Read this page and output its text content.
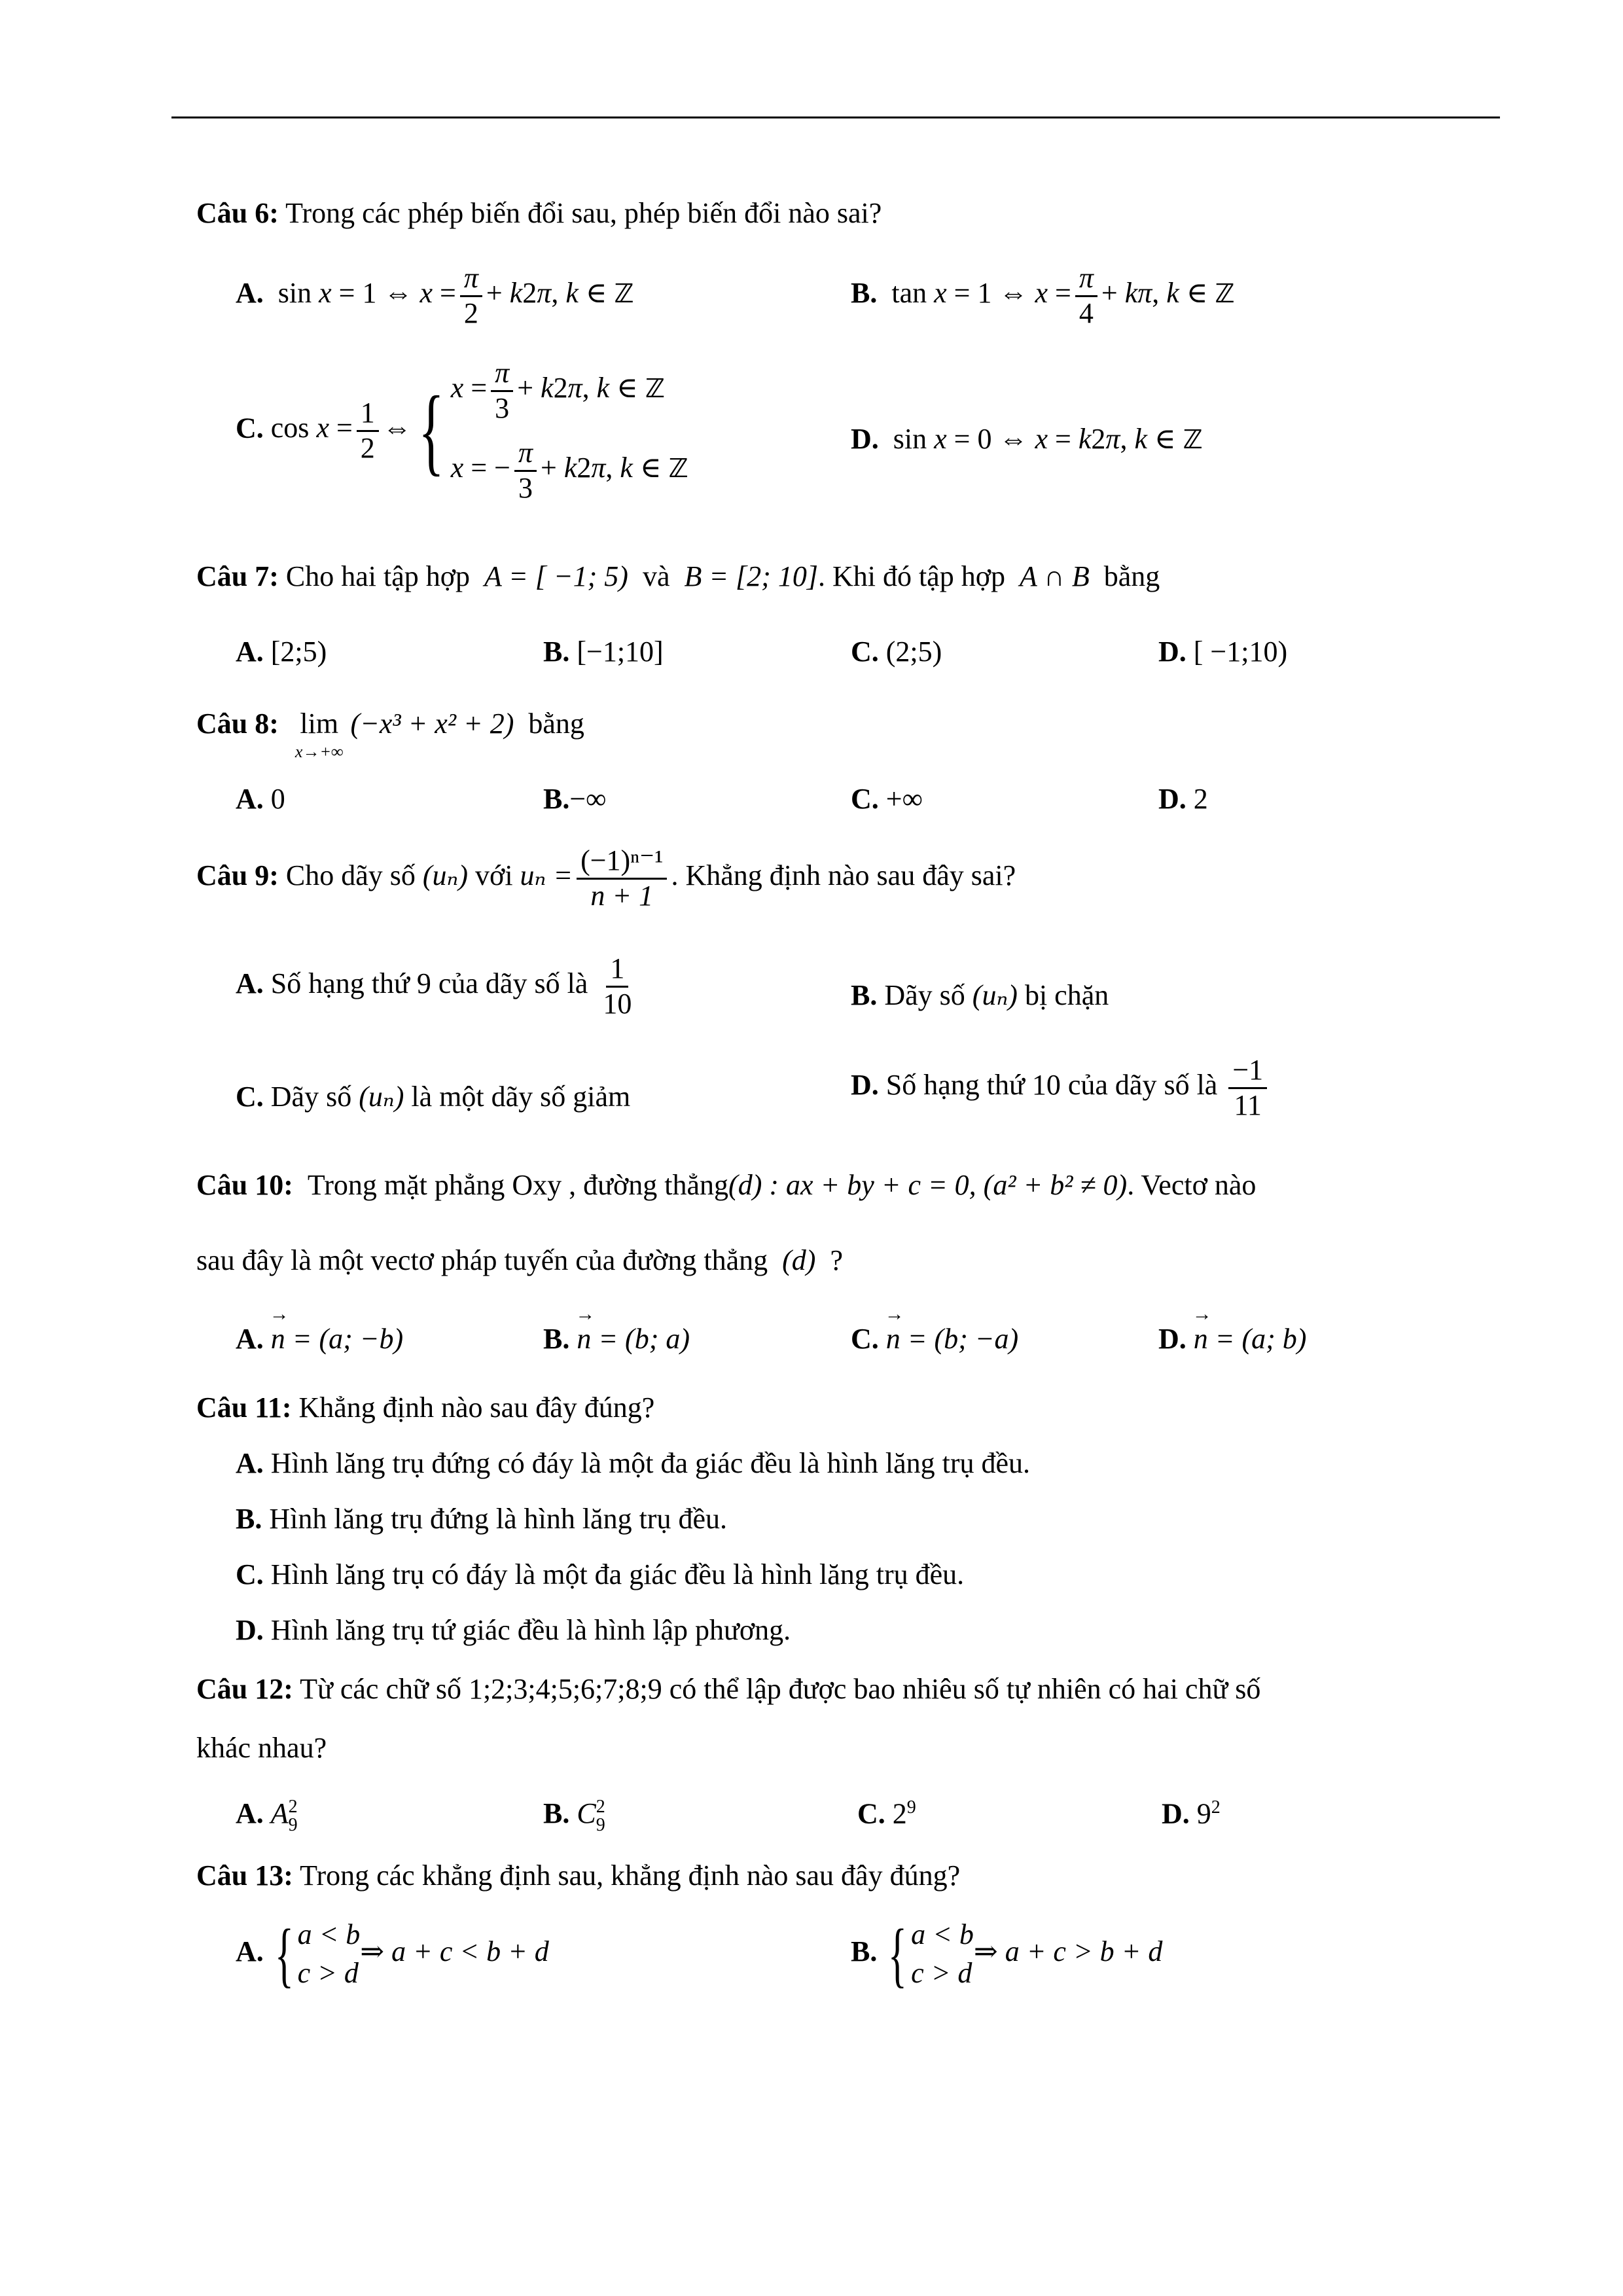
Câu 6: Trong các phép biến đổi sau, phép biến đổi nào sai?
A.  sin x = 1 ⇔ $x = \frac{\pi}{2} + k2\pi$, k ∈ ℤ	B.  tan x = 1 ⇔ $x = \frac{\pi}{4} + k\pi$, k ∈ ℤ
C. $\cos x = \frac{1}{2}$ ⇔{ $x = \frac{\pi}{3} + k2\pi$, k ∈ ℤ
x = − $\frac{\pi}{3} + k2\pi$, k ∈ ℤ
D.  sin x = 0 ⇔ x = k2π, k ∈ ℤ
Câu 7: Cho hai tập hợp A = [ −1; 5) và B = [2; 10]. Khi đó tập hợp A ∩ B bằng
A. [2;5)	B. [−1;10]	C. (2;5)	D. [ −1;10)
Câu 8: lim
x→+∞
(−x³ + x² + 2) bằng
A. 0	B.−∞	C. +∞	D. 2
Câu 9: Cho dãy số (uₙ) với $u_n = \frac{\text{(−1)ⁿ⁻¹}}{n + 1}$ . Khẳng định nào sau đây sai?
A. Số hạng thứ 9 của dãy số là $\frac{1}{10}$	B. Dãy số (uₙ) bị chặn
C. Dãy số (uₙ) là một dãy số giảm	D. Số hạng thứ 10 của dãy số là $\frac{-1}{11}$
Câu 10: Trong mặt phẳng Oxy , đường thẳng(d) : ax + by + c = 0, (a² + b² ≠ 0). Vectơ nào
sau đây là một vectơ pháp tuyến của đường thẳng (d) ?
A. → n = (a; −b)	B. → n = (b; a)	C. → n = (b; −a)	D. → n = (a; b)
Câu 11: Khẳng định nào sau đây đúng?
A. Hình lăng trụ đứng có đáy là một đa giác đều là hình lăng trụ đều.
B. Hình lăng trụ đứng là hình lăng trụ đều.
C. Hình lăng trụ có đáy là một đa giác đều là hình lăng trụ đều.
D. Hình lăng trụ tứ giác đều là hình lập phương.
Câu 12: Từ các chữ số 1;2;3;4;5;6;7;8;9 có thể lập được bao nhiêu số tự nhiên có hai chữ số
khác nhau?
A. A 2
9	B. C 2
9	C. $2^9$	D. $9^2$
Câu 13: Trong các khẳng định sau, khẳng định nào sau đây đúng?
A. { a < b
c > d
⇒ a + c < b + d	B. { a < b
c > d
⇒ a + c > b + d
